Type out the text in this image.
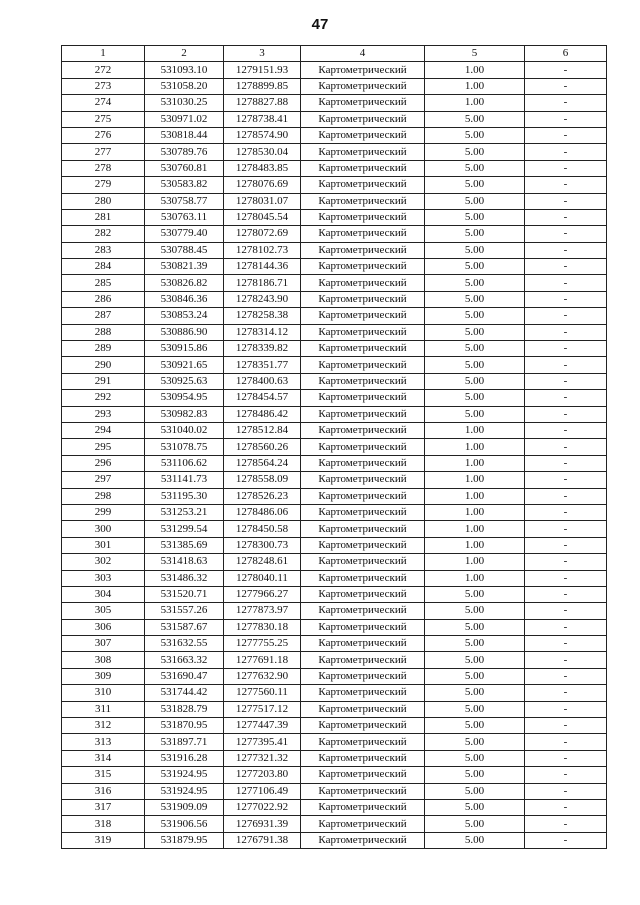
47
1	2	3	4	5	6
272	531093.10	1279151.93	Картометрический	1.00	-
273	531058.20	1278899.85	Картометрический	1.00	-
274	531030.25	1278827.88	Картометрический	1.00	-
275	530971.02	1278738.41	Картометрический	5.00	-
276	530818.44	1278574.90	Картометрический	5.00	-
277	530789.76	1278530.04	Картометрический	5.00	-
278	530760.81	1278483.85	Картометрический	5.00	-
279	530583.82	1278076.69	Картометрический	5.00	-
280	530758.77	1278031.07	Картометрический	5.00	-
281	530763.11	1278045.54	Картометрический	5.00	-
282	530779.40	1278072.69	Картометрический	5.00	-
283	530788.45	1278102.73	Картометрический	5.00	-
284	530821.39	1278144.36	Картометрический	5.00	-
285	530826.82	1278186.71	Картометрический	5.00	-
286	530846.36	1278243.90	Картометрический	5.00	-
287	530853.24	1278258.38	Картометрический	5.00	-
288	530886.90	1278314.12	Картометрический	5.00	-
289	530915.86	1278339.82	Картометрический	5.00	-
290	530921.65	1278351.77	Картометрический	5.00	-
291	530925.63	1278400.63	Картометрический	5.00	-
292	530954.95	1278454.57	Картометрический	5.00	-
293	530982.83	1278486.42	Картометрический	5.00	-
294	531040.02	1278512.84	Картометрический	1.00	-
295	531078.75	1278560.26	Картометрический	1.00	-
296	531106.62	1278564.24	Картометрический	1.00	-
297	531141.73	1278558.09	Картометрический	1.00	-
298	531195.30	1278526.23	Картометрический	1.00	-
299	531253.21	1278486.06	Картометрический	1.00	-
300	531299.54	1278450.58	Картометрический	1.00	-
301	531385.69	1278300.73	Картометрический	1.00	-
302	531418.63	1278248.61	Картометрический	1.00	-
303	531486.32	1278040.11	Картометрический	1.00	-
304	531520.71	1277966.27	Картометрический	5.00	-
305	531557.26	1277873.97	Картометрический	5.00	-
306	531587.67	1277830.18	Картометрический	5.00	-
307	531632.55	1277755.25	Картометрический	5.00	-
308	531663.32	1277691.18	Картометрический	5.00	-
309	531690.47	1277632.90	Картометрический	5.00	-
310	531744.42	1277560.11	Картометрический	5.00	-
311	531828.79	1277517.12	Картометрический	5.00	-
312	531870.95	1277447.39	Картометрический	5.00	-
313	531897.71	1277395.41	Картометрический	5.00	-
314	531916.28	1277321.32	Картометрический	5.00	-
315	531924.95	1277203.80	Картометрический	5.00	-
316	531924.95	1277106.49	Картометрический	5.00	-
317	531909.09	1277022.92	Картометрический	5.00	-
318	531906.56	1276931.39	Картометрический	5.00	-
319	531879.95	1276791.38	Картометрический	5.00	-
